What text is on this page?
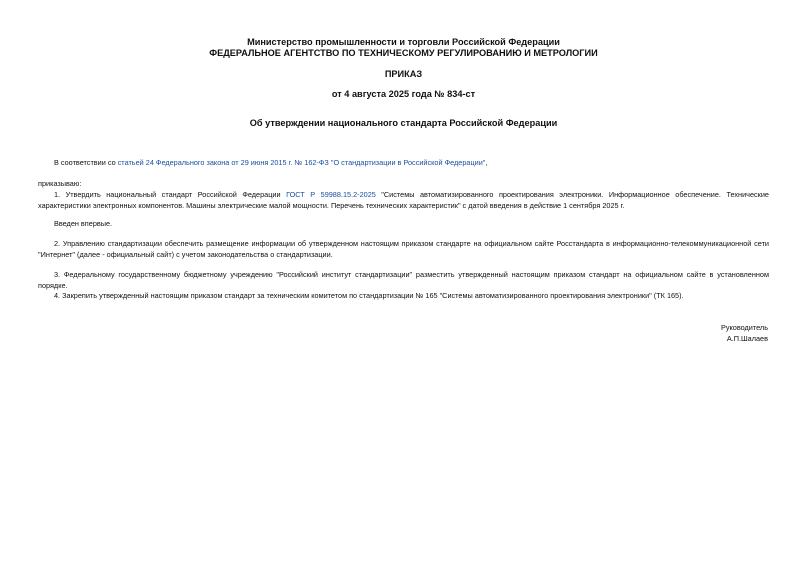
Министерство промышленности и торговли Российской Федерации
ФЕДЕРАЛЬНОЕ АГЕНТСТВО ПО ТЕХНИЧЕСКОМУ РЕГУЛИРОВАНИЮ И МЕТРОЛОГИИ
ПРИКАЗ
от 4 августа 2025 года № 834-ст
Об утверждении национального стандарта Российской Федерации
В соответствии со статьей 24 Федерального закона от 29 июня 2015 г. № 162-ФЗ "О стандартизации в Российской Федерации",
приказываю:
1. Утвердить национальный стандарт Российской Федерации ГОСТ Р 59988.15.2-2025 "Системы автоматизированного проектирования электроники. Информационное обеспечение. Технические характеристики электронных компонентов. Машины электрические малой мощности. Перечень технических характеристик" с датой введения в действие 1 сентября 2025 г.
Введен впервые.
2. Управлению стандартизации обеспечить размещение информации об утвержденном настоящим приказом стандарте на официальном сайте Росстандарта в информационно-телекоммуникационной сети "Интернет" (далее - официальный сайт) с учетом законодательства о стандартизации.
3. Федеральному государственному бюджетному учреждению "Российский институт стандартизации" разместить утвержденный настоящим приказом стандарт на официальном сайте в установленном порядке.
4. Закрепить утвержденный настоящим приказом стандарт за техническим комитетом по стандартизации № 165 "Системы автоматизированного проектирования электроники" (ТК 165).
Руководитель
А.П.Шалаев
